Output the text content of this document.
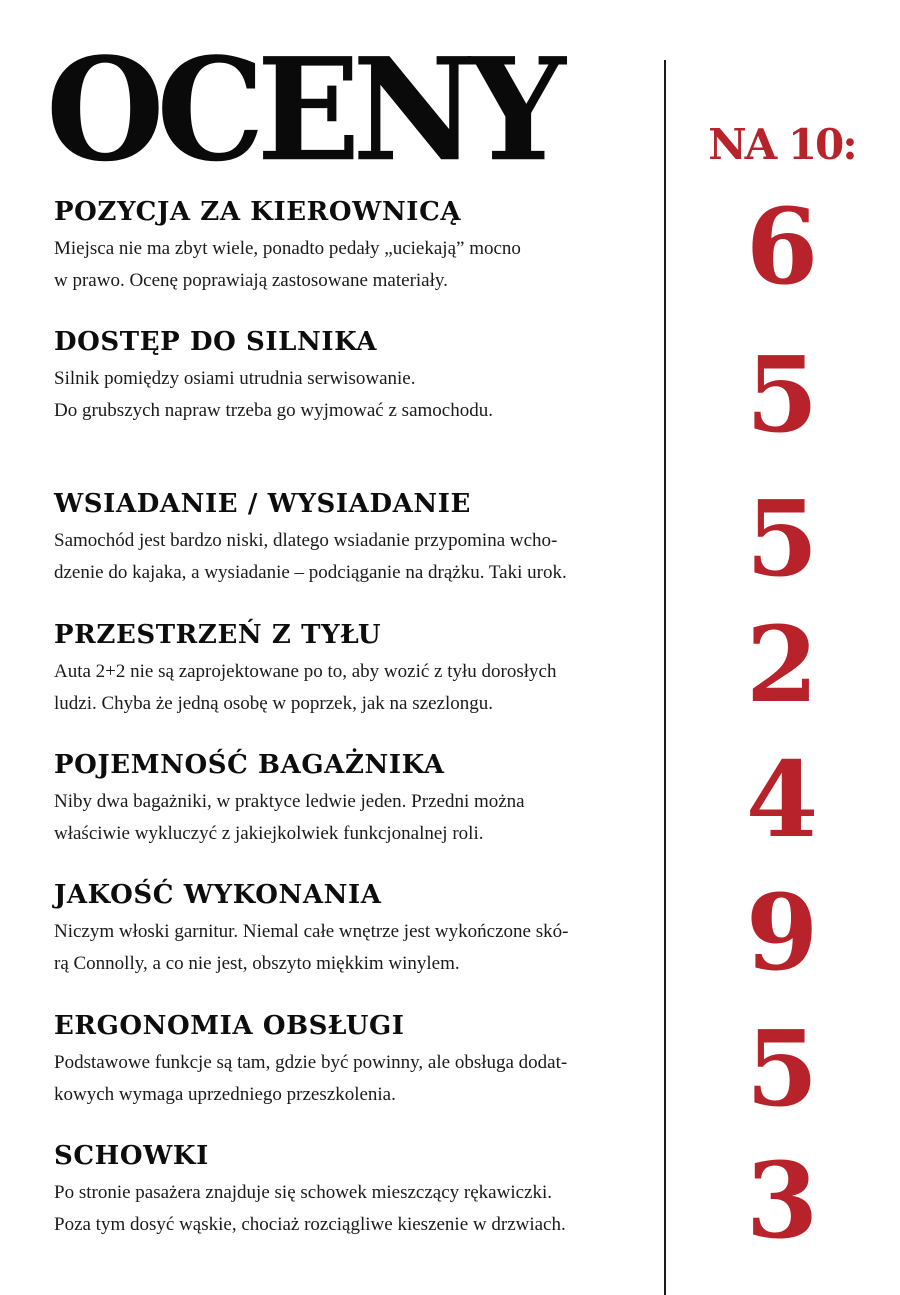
OCENY	NA 10:
POZYCJA ZA KIEROWNICĄ

Miejsca nie ma zbyt wiele, ponadto pedały „uciekają” mocno
w prawo. Ocenę poprawiają zastosowane materiały.	6
DOSTĘP DO SILNIKA

Silnik pomiędzy osiami utrudnia serwisowanie.
Do grubszych napraw trzeba go wyjmować z samochodu.	5
WSIADANIE / WYSIADANIE

Samochód jest bardzo niski, dlatego wsiadanie przypomina wcho-
dzenie do kajaka, a wysiadanie – podciąganie na drążku. Taki urok.	5
PRZESTRZEŃ Z TYŁU

Auta 2+2 nie są zaprojektowane po to, aby wozić z tyłu dorosłych
ludzi. Chyba że jedną osobę w poprzek, jak na szezlongu.	2
POJEMNOŚĆ BAGAŻNIKA

Niby dwa bagażniki, w praktyce ledwie jeden. Przedni można
właściwie wykluczyć z jakiejkolwiek funkcjonalnej roli.	4
JAKOŚĆ WYKONANIA

Niczym włoski garnitur. Niemal całe wnętrze jest wykończone skó-
rą Connolly, a co nie jest, obszyto miękkim winylem.	9
ERGONOMIA OBSŁUGI

Podstawowe funkcje są tam, gdzie być powinny, ale obsługa dodat-
kowych wymaga uprzedniego przeszkolenia.	5
SCHOWKI

Po stronie pasażera znajduje się schowek mieszczący rękawiczki.
Poza tym dosyć wąskie, chociaż rozciągliwe kieszenie w drzwiach.	3
